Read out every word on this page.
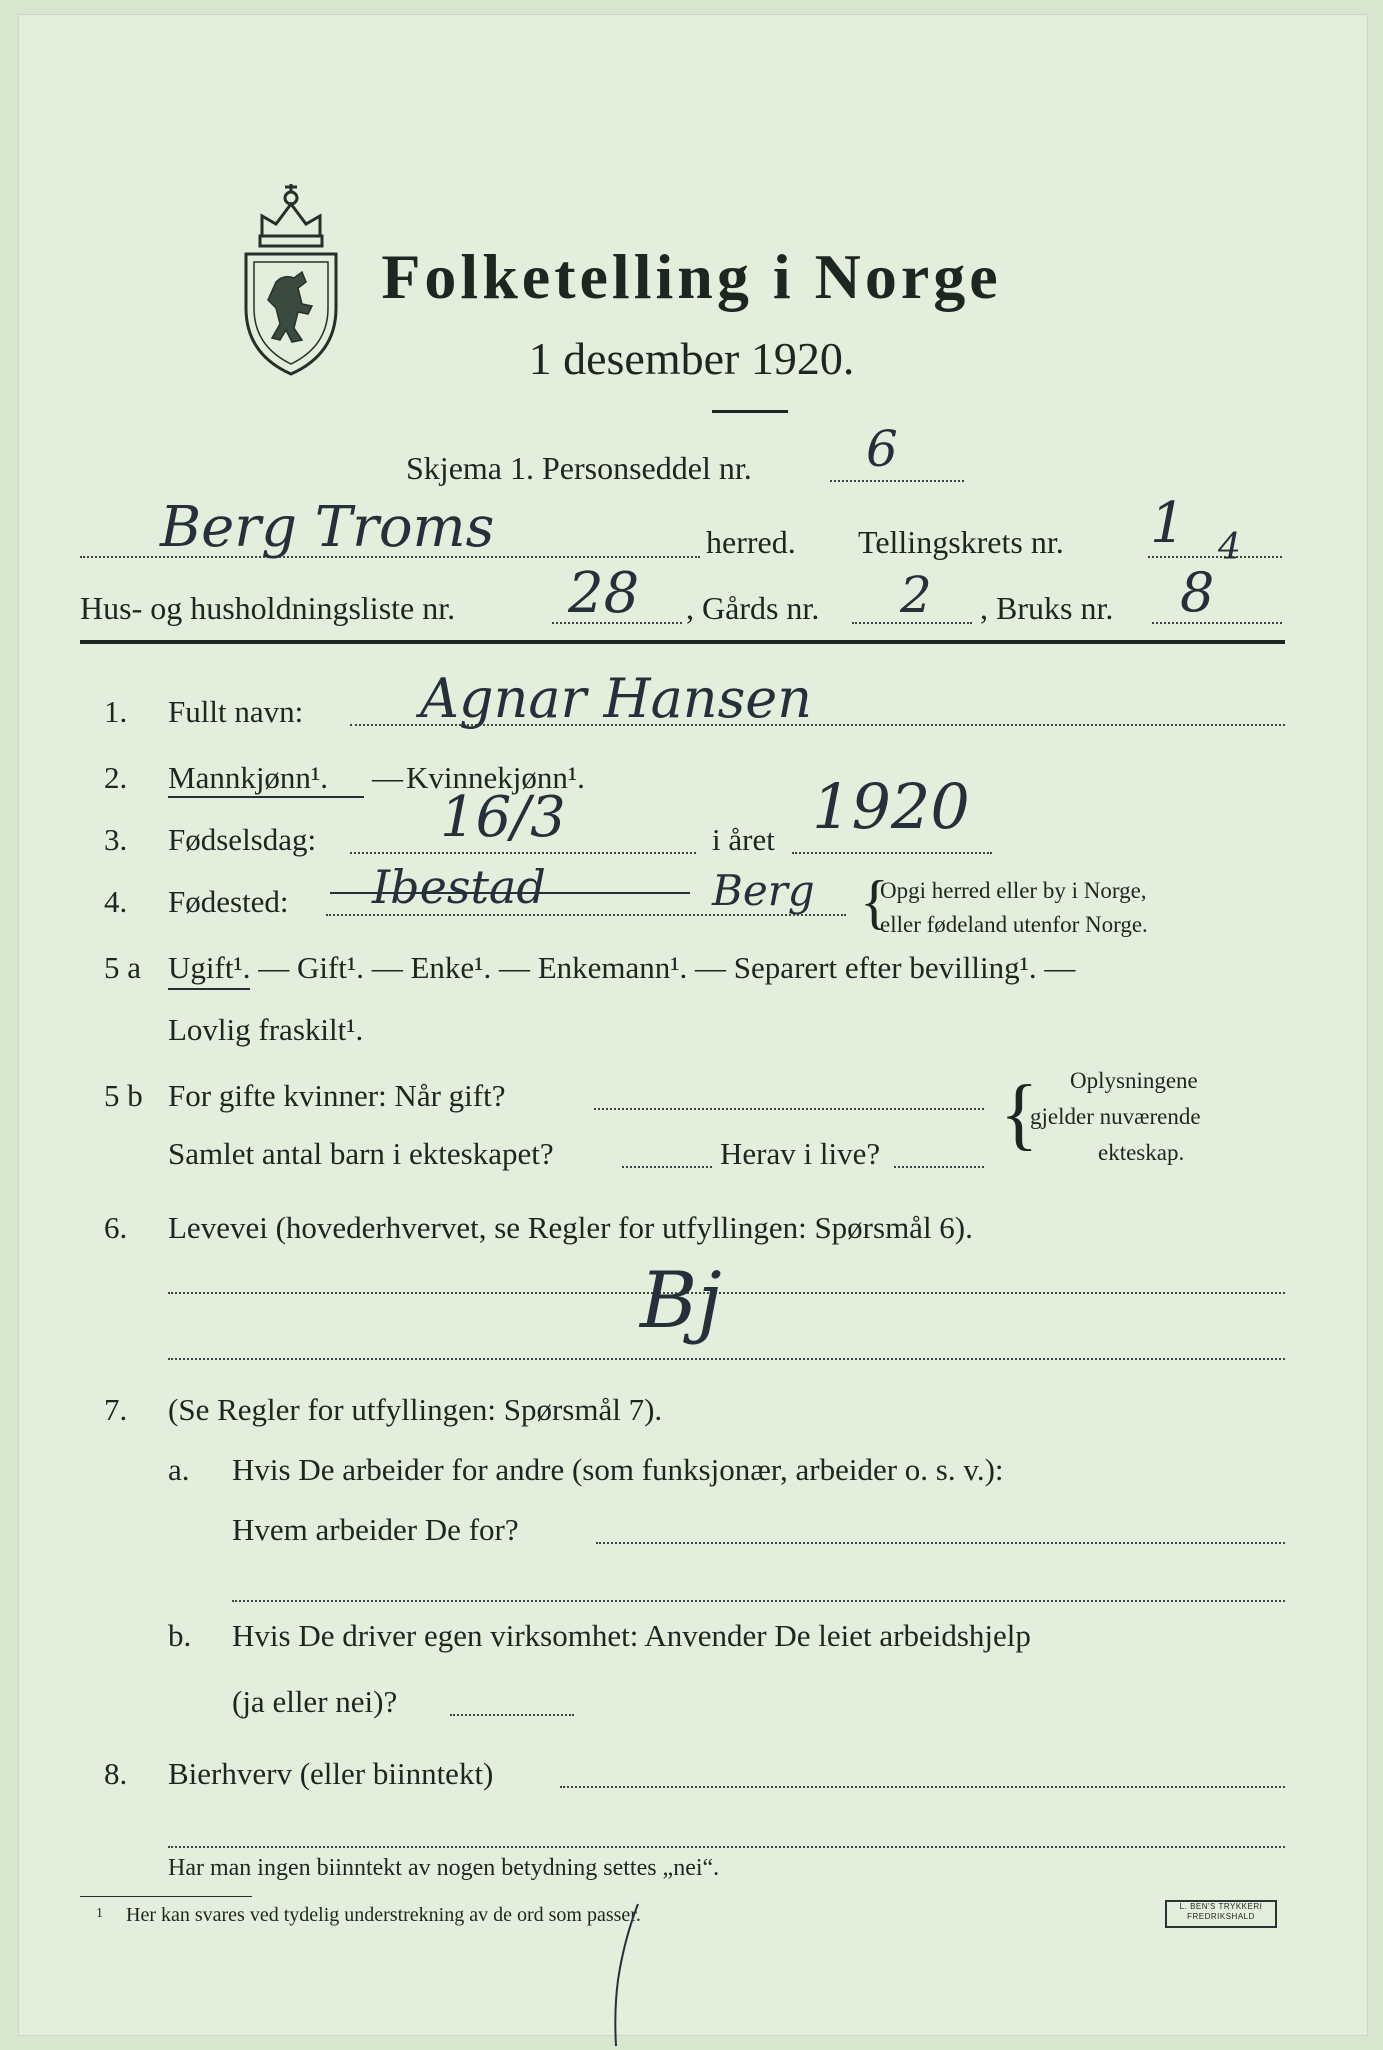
Folketelling i Norge
1 desember 1920.
Skjema 1. Personseddel nr. 6
Berg Troms	herred. Tellingskrets nr. 1 4
Hus- og husholdningsliste nr. 28 , Gårds nr. 2 , Bruks nr. 8
1. Fullt navn: Agnar Hansen
2. Mannkjønn¹. — Kvinnekjønn¹.
3. Fødselsdag: 16/3	i året 1920
4. Fødested: Ibestad	Berg {
Opgi herred eller by i Norge,
eller fødeland utenfor Norge.
5 a Ugift¹. — Gift¹. — Enke¹. — Enkemann¹. — Separert efter bevilling¹. —
Lovlig fraskilt¹.
5 b For gifte kvinner: Når gift?
Samlet antal barn i ekteskapet?	Herav i live? { Oplysningene
gjelder nuværende
ekteskap.
6. Levevei (hovederhvervet, se Regler for utfyllingen: Spørsmål 6).
Bj
7. (Se Regler for utfyllingen: Spørsmål 7).
a. Hvis De arbeider for andre (som funksjonær, arbeider o. s. v.):
Hvem arbeider De for?
b. Hvis De driver egen virksomhet: Anvender De leiet arbeidshjelp
(ja eller nei)?
8. Bierhverv (eller biinntekt)
Har man ingen biinntekt av nogen betydning settes „nei“.
1 Her kan svares ved tydelig understrekning av de ord som passer.	L. BEN'S TRYKKERI
FREDRIKSHALD
